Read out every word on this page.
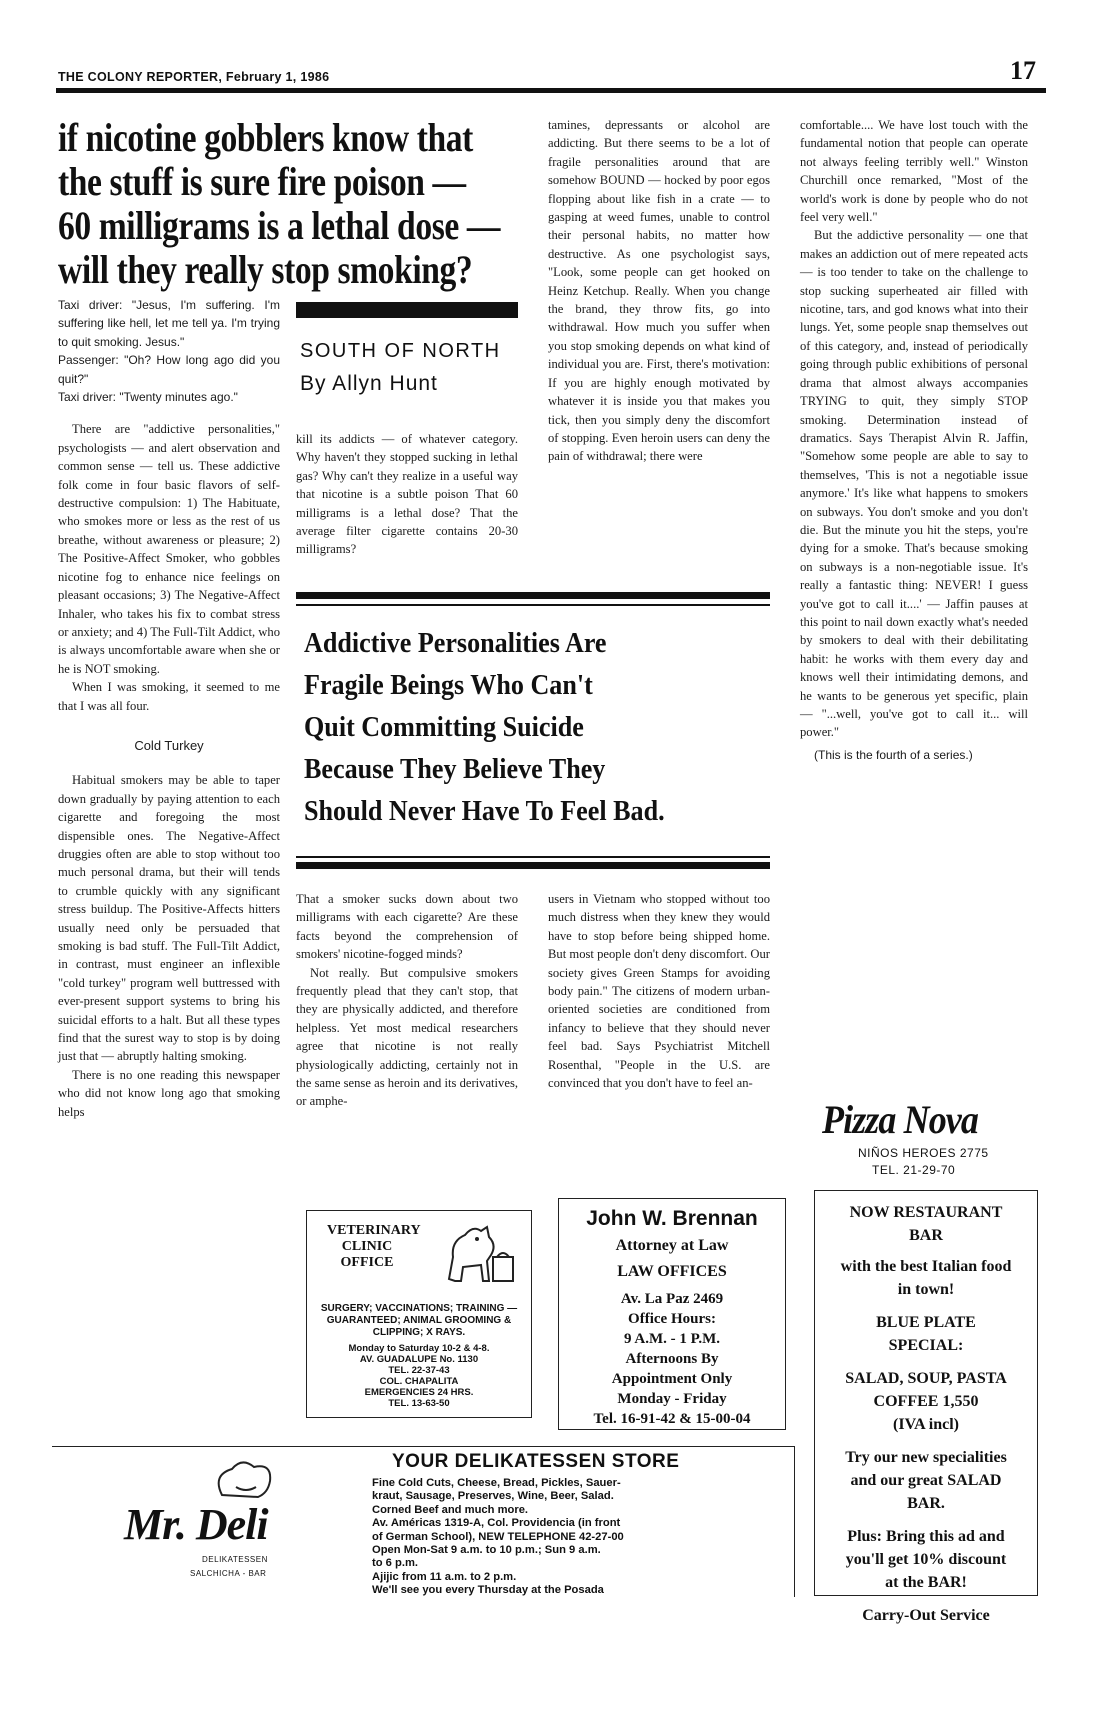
THE COLONY REPORTER, February 1, 1986	17
if nicotine gobblers know that
the stuff is sure fire poison —
60 milligrams is a lethal dose —
will they really stop smoking?

Taxi driver: "Jesus, I'm suffering. I'm suffering like hell, let me tell ya. I'm trying to quit smoking. Jesus."

Passenger: "Oh? How long ago did you quit?"

Taxi driver: "Twenty minutes ago."

There are "addictive personalities," psychologists — and alert observation and common sense — tell us. These addictive folk come in four basic flavors of self-destructive compulsion: 1) The Habituate, who smokes more or less as the rest of us breathe, without awareness or pleasure; 2) The Positive-Affect Smoker, who gobbles nicotine fog to enhance nice feelings on pleasant occasions; 3) The Negative-Affect Inhaler, who takes his fix to combat stress or anxiety; and 4) The Full-Tilt Addict, who is always uncomfortable aware when she or he is NOT smoking.

When I was smoking, it seemed to me that I was all four.

Cold Turkey

Habitual smokers may be able to taper down gradually by paying attention to each cigarette and foregoing the most dispensible ones. The Negative-Affect druggies often are able to stop without too much personal drama, but their will tends to crumble quickly with any significant stress buildup. The Positive-Affects hitters usually need only be persuaded that smoking is bad stuff. The Full-Tilt Addict, in contrast, must engineer an inflexible "cold turkey" program well buttressed with ever-present support systems to bring his suicidal efforts to a halt. But all these types find that the surest way to stop is by doing just that — abruptly halting smoking.

There is no one reading this newspaper who did not know long ago that smoking helps

SOUTH OF NORTH
By Allyn Hunt

kill its addicts — of whatever category. Why haven't they stopped sucking in lethal gas? Why can't they realize in a useful way that nicotine is a subtle poison That 60 milligrams is a lethal dose? That the average filter cigarette contains 20-30 milligrams?

tamines, depressants or alcohol are addicting. But there seems to be a lot of fragile personalities around that are somehow BOUND — hocked by poor egos flopping about like fish in a crate — to gasping at weed fumes, unable to control their personal habits, no matter how destructive. As one psychologist says, "Look, some people can get hooked on Heinz Ketchup. Really. When you change the brand, they throw fits, go into withdrawal. How much you suffer when you stop smoking depends on what kind of individual you are. First, there's motivation: If you are highly enough motivated by whatever it is inside you that makes you tick, then you simply deny the discomfort of stopping. Even heroin users can deny the pain of withdrawal; there were

Addictive Personalities Are
Fragile Beings Who Can't
Quit Committing Suicide
Because They Believe They
Should Never Have To Feel Bad.

That a smoker sucks down about two milligrams with each cigarette? Are these facts beyond the comprehension of smokers' nicotine-fogged minds?

Not really. But compulsive smokers frequently plead that they can't stop, that they are physically addicted, and therefore helpless. Yet most medical researchers agree that nicotine is not really physiologically addicting, certainly not in the same sense as heroin and its derivatives, or amphe-

users in Vietnam who stopped without too much distress when they knew they would have to stop before being shipped home. But most people don't deny discomfort. Our society gives Green Stamps for avoiding body pain." The citizens of modern urban-oriented societies are conditioned from infancy to believe that they should never feel bad. Says Psychiatrist Mitchell Rosenthal, "People in the U.S. are convinced that you don't have to feel an-

comfortable.... We have lost touch with the fundamental notion that people can operate not always feeling terribly well." Winston Churchill once remarked, "Most of the world's work is done by people who do not feel very well."

But the addictive personality — one that makes an addiction out of mere repeated acts — is too tender to take on the challenge to stop sucking superheated air filled with nicotine, tars, and god knows what into their lungs. Yet, some people snap themselves out of this category, and, instead of periodically going through public exhibitions of personal drama that almost always accompanies TRYING to quit, they simply STOP smoking. Determination instead of dramatics. Says Therapist Alvin R. Jaffin, "Somehow some people are able to say to themselves, 'This is not a negotiable issue anymore.' It's like what happens to smokers on subways. You don't smoke and you don't die. But the minute you hit the steps, you're dying for a smoke. That's because smoking on subways is a non-negotiable issue. It's really a fantastic thing: NEVER! I guess you've got to call it....' — Jaffin pauses at this point to nail down exactly what's needed by smokers to deal with their debilitating habit: he works with them every day and knows well their intimidating demons, and he wants to be generous yet specific, plain — "...well, you've got to call it... will power."

(This is the fourth of a series.)

Pizza Nova
NIÑOS HEROES 2775
TEL. 21-29-70
NOW RESTAURANT
BAR
with the best Italian food
in town!
BLUE PLATE
SPECIAL:
SALAD, SOUP, PASTA
COFFEE 1,550
(IVA incl)
Try our new specialities
and our great SALAD
BAR.
Plus: Bring this ad and
you'll get 10% discount
at the BAR!
Carry-Out Service
VETERINARY CLINIC OFFICE
SURGERY; VACCINATIONS; TRAINING — GUARANTEED; ANIMAL GROOMING & CLIPPING; X RAYS.
Monday to Saturday 10-2 & 4-8.
AV. GUADALUPE No. 1130
TEL. 22-37-43
COL. CHAPALITA
EMERGENCIES 24 HRS.
TEL. 13-63-50
John W. Brennan
Attorney at Law
LAW OFFICES
Av. La Paz 2469
Office Hours:
9 A.M. - 1 P.M.
Afternoons By
Appointment Only
Monday - Friday
Tel. 16-91-42 & 15-00-04
Mr. Deli
DELIKATESSEN
SALCHICHA - BAR
YOUR DELIKATESSEN STORE
Fine Cold Cuts, Cheese, Bread, Pickles, Sauer-
kraut, Sausage, Preserves, Wine, Beer, Salad.
Corned Beef and much more.
Av. Américas 1319-A, Col. Providencia (in front
of German School), NEW TELEPHONE 42-27-00
Open Mon-Sat 9 a.m. to 10 p.m.; Sun 9 a.m.
to 6 p.m.
Ajijic from 11 a.m. to 2 p.m.
We'll see you every Thursday at the Posada
